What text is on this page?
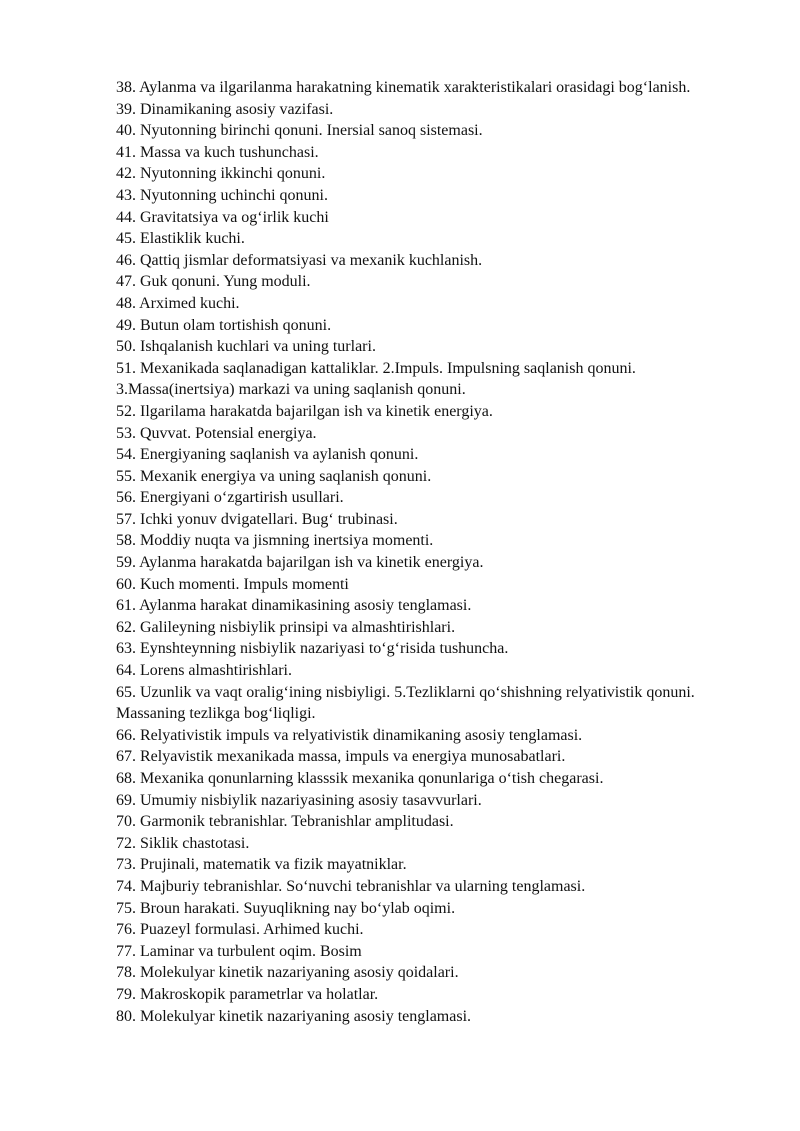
38. Aylanma va ilgarilanma harakatning kinematik xarakteristikalari orasidagi bog‘lanish.
39. Dinamikaning asosiy vazifasi.
40. Nyutonning birinchi qonuni. Inersial sanoq sistemasi.
41. Massa va kuch tushunchasi.
42. Nyutonning ikkinchi qonuni.
43. Nyutonning uchinchi qonuni.
44. Gravitatsiya va og‘irlik kuchi
45. Elastiklik kuchi.
46. Qattiq jismlar deformatsiyasi va mexanik kuchlanish.
47. Guk qonuni. Yung moduli.
48. Arximed kuchi.
49. Butun olam tortishish qonuni.
50. Ishqalanish kuchlari va uning turlari.
51. Mexanikada saqlanadigan kattaliklar. 2.Impuls. Impulsning saqlanish qonuni.
3.Massa(inertsiya) markazi va uning saqlanish qonuni.
52. Ilgarilama harakatda bajarilgan ish va kinetik energiya.
53. Quvvat. Potensial energiya.
54. Energiyaning saqlanish va aylanish qonuni.
55. Mexanik energiya va uning saqlanish qonuni.
56. Energiyani o‘zgartirish usullari.
57. Ichki yonuv dvigatellari. Bug‘ trubinasi.
58. Moddiy nuqta va jismning inertsiya momenti.
59. Aylanma harakatda bajarilgan ish va kinetik energiya.
60. Kuch momenti. Impuls momenti
61. Aylanma harakat dinamikasining asosiy tenglamasi.
62. Galileyning nisbiylik prinsipi va almashtirishlari.
63. Eynshteynning nisbiylik nazariyasi to‘g‘risida tushuncha.
64. Lorens almashtirishlari.
65. Uzunlik va vaqt oralig‘ining nisbiyligi. 5.Tezliklarni qo‘shishning relyativistik qonuni. Massaning tezlikga bog‘liqligi.
66. Relyativistik impuls va relyativistik dinamikaning asosiy tenglamasi.
67. Relyavistik mexanikada massa, impuls va energiya munosabatlari.
68. Mexanika qonunlarning klasssik mexanika qonunlariga o‘tish chegarasi.
69. Umumiy nisbiylik nazariyasining asosiy tasavvurlari.
70. Garmonik tebranishlar. Tebranishlar amplitudasi.
72. Siklik chastotasi.
73. Prujinali, matematik va fizik mayatniklar.
74. Majburiy tebranishlar. So‘nuvchi tebranishlar va ularning tenglamasi.
75. Broun harakati. Suyuqlikning nay bo‘ylab oqimi.
76. Puazeyl formulasi. Arhimed kuchi.
77. Laminar va turbulent oqim. Bosim
78. Molekulyar kinetik nazariyaning asosiy qoidalari.
79. Makroskopik parametrlar va holatlar.
80. Molekulyar kinetik nazariyaning asosiy tenglamasi.
